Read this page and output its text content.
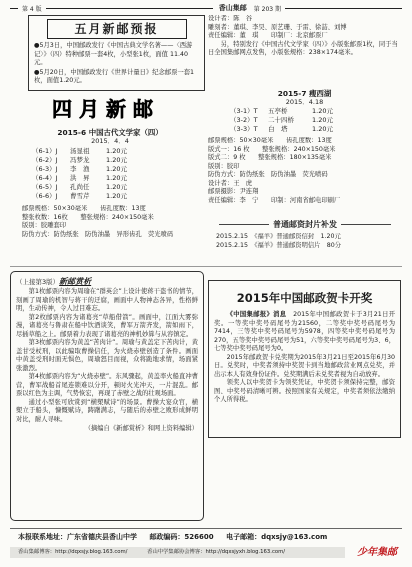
第 4 版	香山集邮 第 203 期
五月新邮预报

●5月3日，中国邮政发行《中国古典文学名著——〈西游记〉》（四）特种邮票一套4枚，小型张1枚，面值 11.40 元。

●5月20日，中国邮政发行《世界计量日》纪念邮票一套1枚，面值1.20元。

四月新邮
2015-6 中国古代文学家（四）
2015．4．4
（6-1）J	汤显祖	1.20元
（6-2）J	冯梦龙	1.20元
（6-3）J	李　渔	1.20元
（6-4）J	洪　昇	1.20元
（6-5）J	孔尚任	1.20元
（6-6）J	曹雪芹	1.20元

邮票规格：50×30毫米　　齿孔度数：13度

整张枚数：16枚　　整张规格：240×150毫米

版别：胶雕套印

防伪方式：防伪纸张　防伪油墨　异形齿孔　荧光喷码

设计者：陈　谷

雕刻者：董琪、李昊、原艺珊、于雷、徐喆、刘博

责任编辑：董　琪　　印制厂：北京邮票厂

另，特别发行《中国古代文学家（四）》小版张邮票1枚，同于当日全国集邮网点发售，小版张规格：238×174毫米。

2015-7 瘦西湖
2015．4.18
（3-1）T	五亭桥	1.20元
（3-2）T	二十四桥	1.20元
（3-3）T	白　塔	1.20元

邮票规格：50×30毫米　　齿孔度数：13度

版式一：16 枚　　整张规格：240×150毫米

版式二：9 枚　　整张规格：180×135毫米

版别：胶印

防伪方式：防伪纸张　防伪油墨　荧光喷码

设计者：王　虎

邮票摄影：尹连翔

责任编辑：李　宁　　印制：河南省邮电印刷厂

普通邮资封片补发

2015.2.15　《福羊》普通邮资信封　1.20元

2015.2.15　《福羊》普通邮资明信片　80分

（上接第3版）新邮赏析

第1枚邮票内容为周瑜在“群英会”上设计使蒋干盗书的情节，刻画了周瑜的机智与蒋干的迂腐，画面中人物神态各异，性格鲜明，生动传神，令人过目难忘。

第2枚邮票内容为诸葛亮“草船借箭”。画面中，江面大雾弥漫，诸葛亮与鲁肃在船中饮酒谈笑，曹军万箭齐发，箭如雨下，尽插草船之上。邮票着力表现了诸葛亮的神机妙算与从容镇定。

第3枚邮票内容为黄盖“苦肉计”。周瑜与黄盖定下苦肉计，黄盖甘受杖刑，以此骗取曹操信任，为火烧赤壁创造了条件。画面中黄盖受刑时面无惧色，周瑜怒目而视，众将跪地求情，场面紧张激烈。

第4枚邮票内容为“火烧赤壁”。东风骤起，黄盖率火船直冲曹营，曹军战船首尾连锁难以分开，顿时火光冲天，一片混乱。邮票以红色为主调，气势恢宏，再现了赤壁之战的壮观场面。

通过小型张可欣赏到“横槊赋诗”的场景。曹操大宴众官，横槊立于船头，慷慨赋诗，踌躇满志，与随后的赤壁之败形成鲜明对比，耐人寻味。

（摘编自《新邮赏析》和网上资料编辑）

2015年中国邮政贺卡开奖

《中国集邮报》消息　 2015年中国邮政贺卡于3月21日开奖。一等奖中奖号码尾号为21560，二等奖中奖号码尾号为7414，三等奖中奖号码尾号为5978，四等奖中奖号码尾号为270，五等奖中奖号码尾号为51，六等奖中奖号码尾号为3、6，七等奖中奖号码尾号为0。

2015年邮政贺卡兑奖期为2015年3月21日至2015年6月30日。兑奖时，中奖者须持中奖贺卡到当地邮政营业网点兑奖，并出示本人有效身份证件。兑奖期满后未兑奖者视为自动放弃。

领奖人以中奖贺卡为领奖凭证，中奖贺卡须保持完整，邮资图、中奖号码清晰可辨。按照国家有关规定，中奖者须依法缴纳个人所得税。

本报联系地址：广东省德庆县香山中学 邮政编码：526600 电子邮箱：dqxsjy@163.com
香山集邮博客：http://dqxsjy.blog.163.com/	香山中学集邮协会博客：http://dqxsjyxh.blog.163.com/	少年集邮
